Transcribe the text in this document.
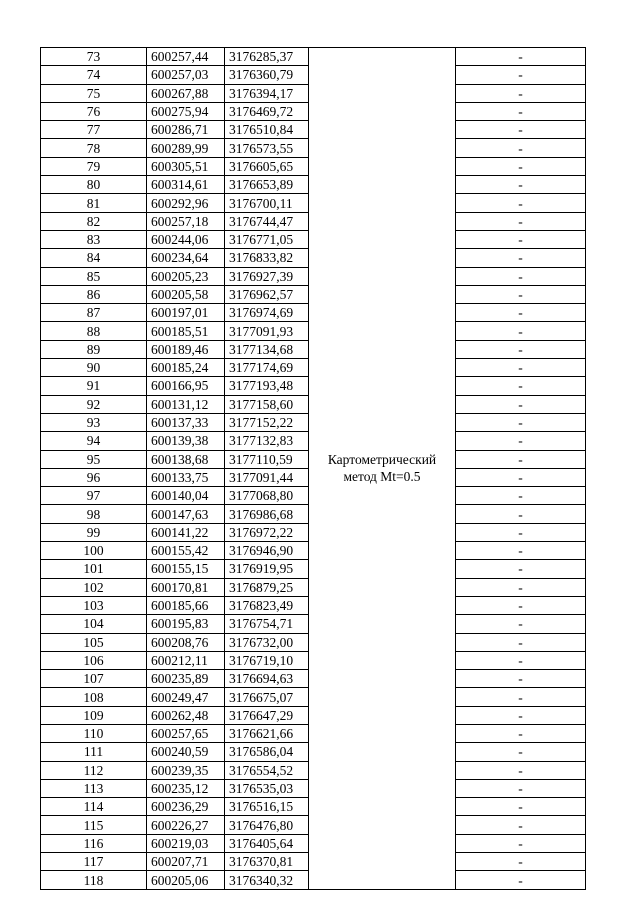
73	600257,44	3176285,37	Картометрический
метод Mt=0.5	-
74	600257,03	3176360,79		-
75	600267,88	3176394,17		-
76	600275,94	3176469,72		-
77	600286,71	3176510,84		-
78	600289,99	3176573,55		-
79	600305,51	3176605,65		-
80	600314,61	3176653,89		-
81	600292,96	3176700,11		-
82	600257,18	3176744,47		-
83	600244,06	3176771,05		-
84	600234,64	3176833,82		-
85	600205,23	3176927,39		-
86	600205,58	3176962,57		-
87	600197,01	3176974,69		-
88	600185,51	3177091,93		-
89	600189,46	3177134,68		-
90	600185,24	3177174,69		-
91	600166,95	3177193,48		-
92	600131,12	3177158,60		-
93	600137,33	3177152,22		-
94	600139,38	3177132,83		-
95	600138,68	3177110,59		-
96	600133,75	3177091,44		-
97	600140,04	3177068,80		-
98	600147,63	3176986,68		-
99	600141,22	3176972,22		-
100	600155,42	3176946,90		-
101	600155,15	3176919,95		-
102	600170,81	3176879,25		-
103	600185,66	3176823,49		-
104	600195,83	3176754,71		-
105	600208,76	3176732,00		-
106	600212,11	3176719,10		-
107	600235,89	3176694,63		-
108	600249,47	3176675,07		-
109	600262,48	3176647,29		-
110	600257,65	3176621,66		-
111	600240,59	3176586,04		-
112	600239,35	3176554,52		-
113	600235,12	3176535,03		-
114	600236,29	3176516,15		-
115	600226,27	3176476,80		-
116	600219,03	3176405,64		-
117	600207,71	3176370,81		-
118	600205,06	3176340,32		-
